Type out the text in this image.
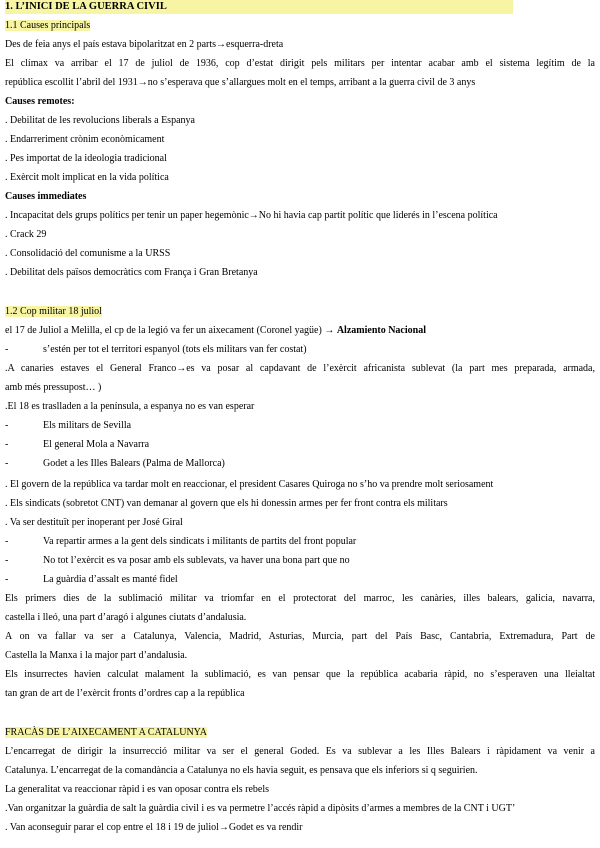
1. L’INICI DE LA GUERRA CIVIL
1.1 Causes principals
Des de feia anys el país estava bipolaritzat en 2 parts→esquerra-dreta
El clímax va arribar el 17 de juliol de 1936, cop d’estat dirigit pels militars per intentar acabar amb el sistema legítim de la
república escollit l’abril del 1931→no s’esperava que s’allargues molt en el temps, arribant a la guerra civil de 3 anys
Causes remotes:
. Debilitat de les revolucions liberals a Espanya
. Endarreriment crònim econòmicament
. Pes importat de la ideologia tradicional
. Exèrcit molt implicat en la vida política
Causes immediates
. Incapacitat dels grups polítics per tenir un paper hegemònic→No hi havia cap partit polític que liderés in l’escena política
. Crack 29
. Consolidació del comunisme a la URSS
. Debilitat dels països democràtics com França i Gran Bretanya
1.2 Cop militar 18 juliol
el 17 de Juliol a Melilla, el cp de la legió va fer un aixecament (Coronel yagüe) → Alzamiento Nacional
-	s’estén per tot el territori espanyol (tots els militars van fer costat)
.A canaries estaves el General Franco→es va posar al capdavant de l’exèrcit africanista sublevat (la part mes preparada, armada,
amb més pressupost… )
.El 18 es traslladen a la península, a espanya no es van esperar
-	Els militars de Sevilla
-	El general Mola a Navarra
-	Godet a les Illes Balears (Palma de Mallorca)
. El govern de la república va tardar molt en reaccionar, el president Casares Quiroga no s’ho va prendre molt seriosament
. Els sindicats (sobretot CNT) van demanar al govern que els hi donessin armes per fer front contra els militars
. Va ser destituït per inoperant per José Giral
-	Va repartir armes a la gent dels sindicats i militants de partits del front popular
-	No tot l’exèrcit es va posar amb els sublevats, va haver una bona part que no
-	La guàrdia d’assalt es manté fidel
Els primers dies de la sublimació militar va triomfar en el protectorat del marroc, les canàries, illes balears, galicia, navarra,
castella i lleó, una part d’aragó i algunes ciutats d’andalusia.
A on va fallar va ser a Catalunya, Valencia, Madrid, Asturias, Murcia, part del País Basc, Cantabria, Extremadura, Part de
Castella la Manxa i la major part d’andalusia.
Els insurrectes havien calculat malament la sublimació, es van pensar que la república acabaria ràpid, no s’esperaven una lleialtat
tan gran de art de l’exèrcit fronts d’ordres cap a la república
FRACÀS DE L’AIXECAMENT A CATALUNYA
L’encarregat de dirigir la insurrecció militar va ser el general Goded. Es va sublevar a les Illes Balears i ràpidament va venir a
Catalunya. L’encarregat de la comandància a Catalunya no els havia seguit, es pensava que els inferiors si q seguirien.
La generalitat va reaccionar ràpid i es van oposar contra els rebels
.Van organitzar la guàrdia de salt la guàrdia civil i es va permetre l’accés ràpid a dipòsits d’armes a membres de la CNT i UGT’
. Van aconseguir parar el cop entre el 18 i 19 de juliol→Godet es va rendir
